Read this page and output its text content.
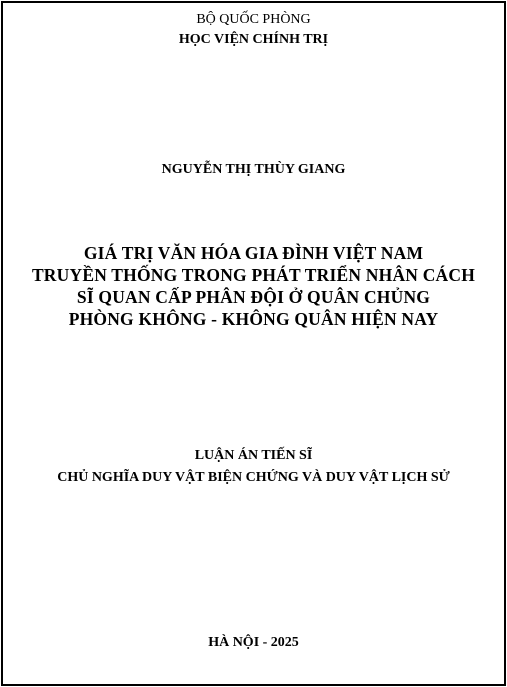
BỘ QUỐC PHÒNG
HỌC VIỆN CHÍNH TRỊ
NGUYỄN THỊ THÙY GIANG
GIÁ TRỊ VĂN HÓA GIA ĐÌNH VIỆT NAM
TRUYỀN THỐNG TRONG PHÁT TRIỂN NHÂN CÁCH
SĨ QUAN CẤP PHÂN ĐỘI Ở QUÂN CHỦNG
PHÒNG KHÔNG - KHÔNG QUÂN HIỆN NAY
LUẬN ÁN TIẾN SĨ
CHỦ NGHĨA DUY VẬT BIỆN CHỨNG VÀ DUY VẬT LỊCH SỬ
HÀ NỘI - 2025
